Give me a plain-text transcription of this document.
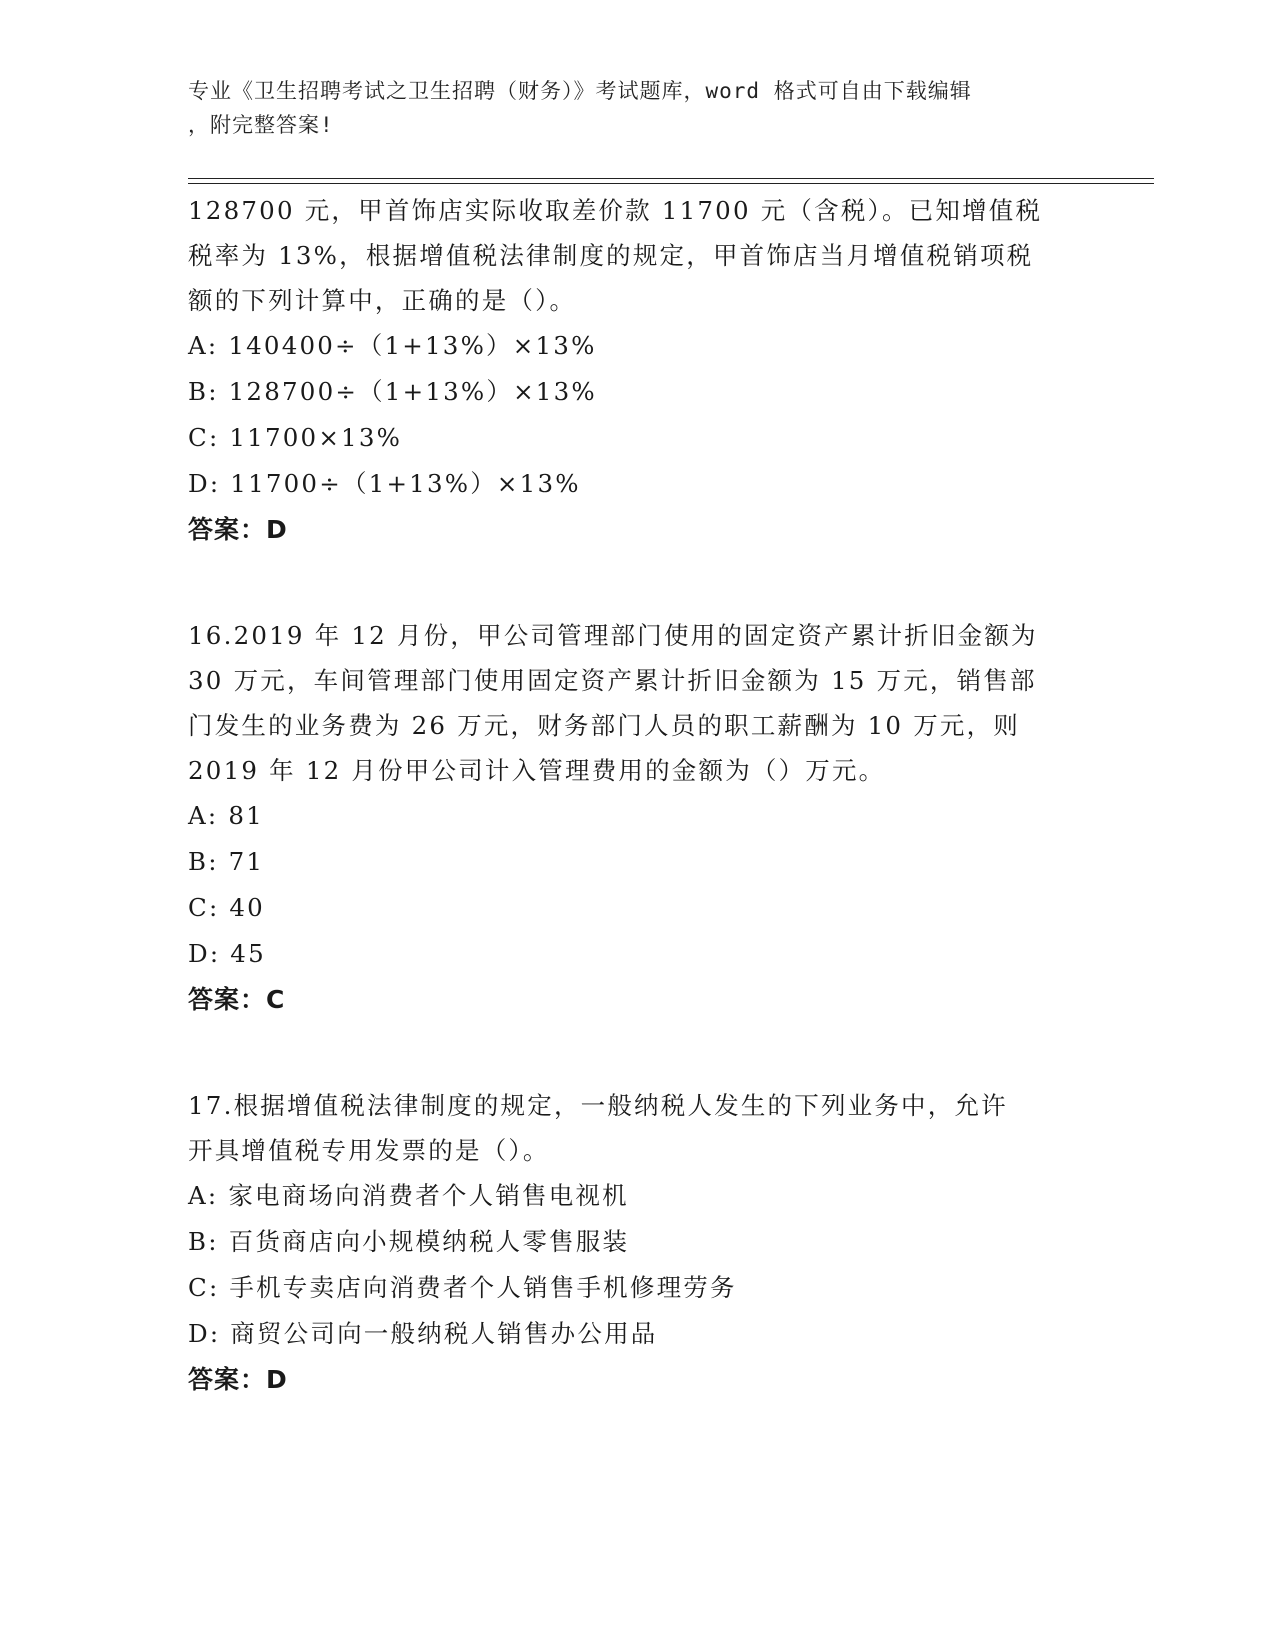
专业《卫生招聘考试之卫生招聘（财务）》考试题库，word 格式可自由下载编辑
，附完整答案!
128700 元，甲首饰店实际收取差价款 11700 元（含税）。已知增值税
税率为 13%，根据增值税法律制度的规定，甲首饰店当月增值税销项税
额的下列计算中，正确的是（）。
A: 140400÷（1+13%）×13%
B: 128700÷（1+13%）×13%
C: 11700×13%
D: 11700÷（1+13%）×13%
答案：D
16.2019 年 12 月份，甲公司管理部门使用的固定资产累计折旧金额为
30 万元，车间管理部门使用固定资产累计折旧金额为 15 万元，销售部
门发生的业务费为 26 万元，财务部门人员的职工薪酬为 10 万元，则
2019 年 12 月份甲公司计入管理费用的金额为（）万元。
A: 81
B: 71
C: 40
D: 45
答案：C
17.根据增值税法律制度的规定，一般纳税人发生的下列业务中，允许
开具增值税专用发票的是（）。
A: 家电商场向消费者个人销售电视机
B: 百货商店向小规模纳税人零售服装
C: 手机专卖店向消费者个人销售手机修理劳务
D: 商贸公司向一般纳税人销售办公用品
答案：D
